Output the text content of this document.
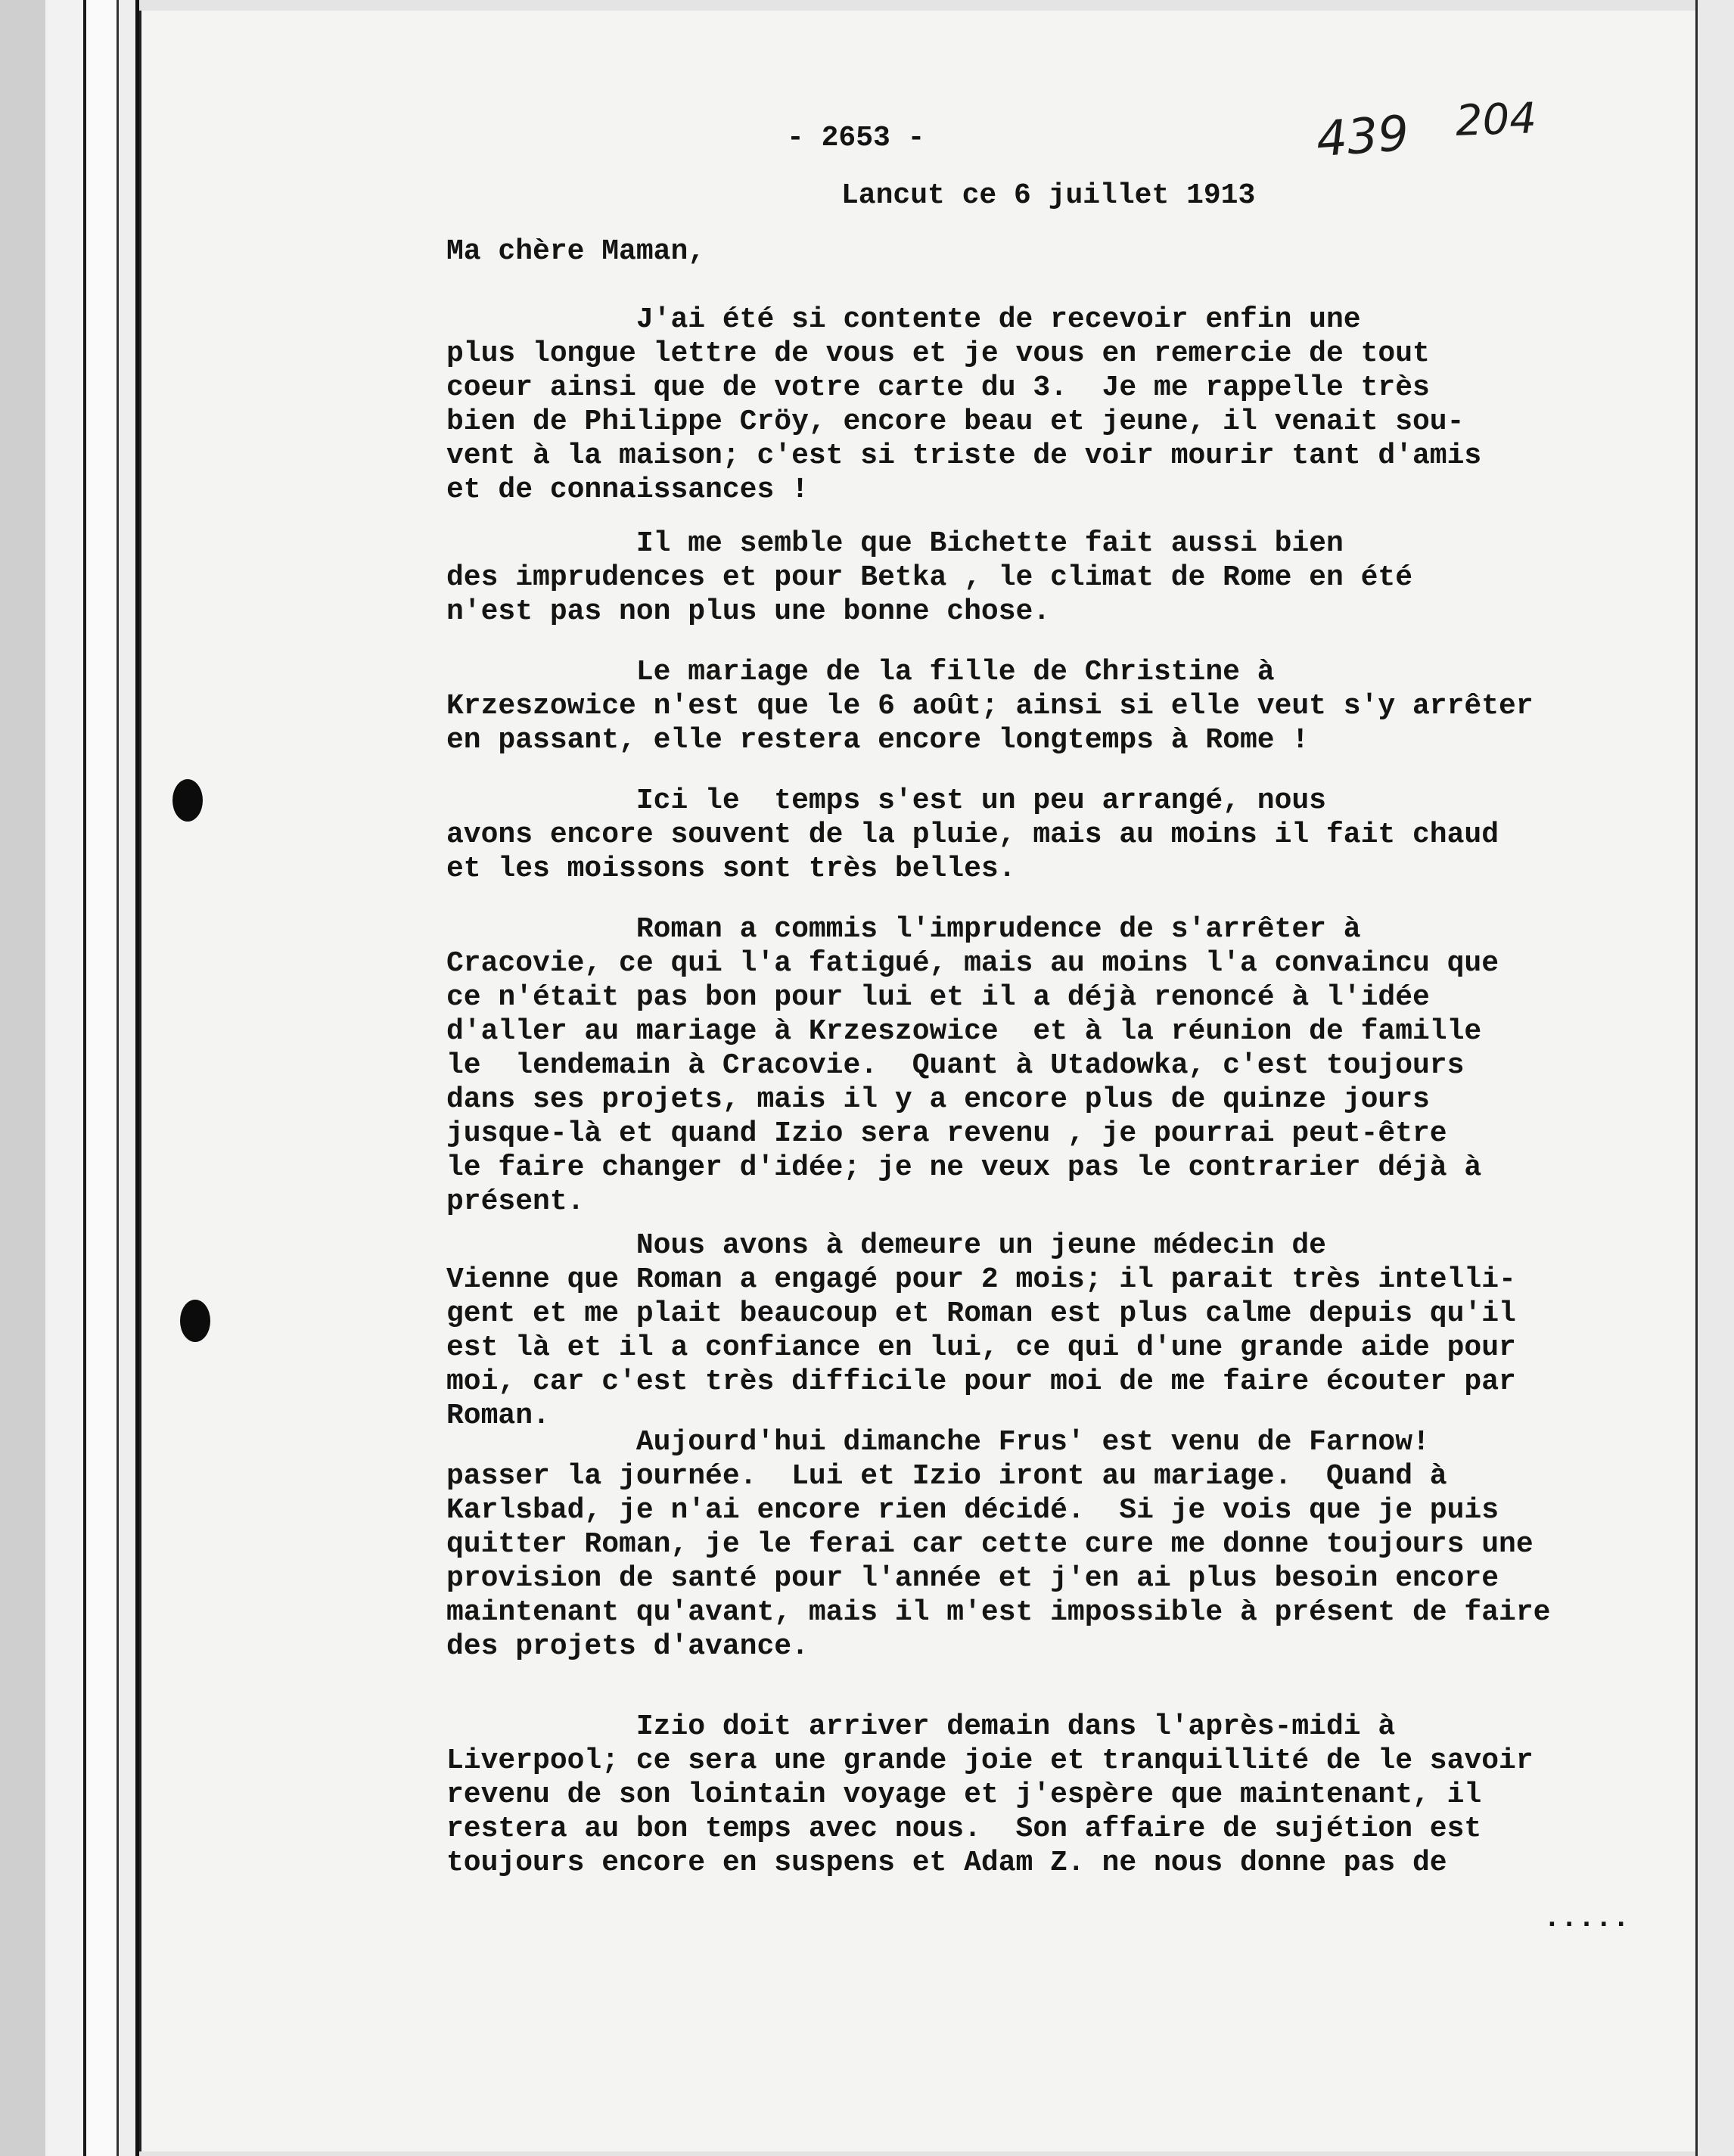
- 2653 -	439 204
Lancut ce 6 juillet 1913
Ma chère Maman,
J'ai été si contente de recevoir enfin une
plus longue lettre de vous et je vous en remercie de tout
coeur ainsi que de votre carte du 3.  Je me rappelle très
bien de Philippe Cröy, encore beau et jeune, il venait sou-
vent à la maison; c'est si triste de voir mourir tant d'amis
et de connaissances !
Il me semble que Bichette fait aussi bien
des imprudences et pour Betka , le climat de Rome en été
n'est pas non plus une bonne chose.
Le mariage de la fille de Christine à
Krzeszowice n'est que le 6 août; ainsi si elle veut s'y arrêter
en passant, elle restera encore longtemps à Rome !
Ici le  temps s'est un peu arrangé, nous
avons encore souvent de la pluie, mais au moins il fait chaud
et les moissons sont très belles.
Roman a commis l'imprudence de s'arrêter à
Cracovie, ce qui l'a fatigué, mais au moins l'a convaincu que
ce n'était pas bon pour lui et il a déjà renoncé à l'idée
d'aller au mariage à Krzeszowice  et à la réunion de famille
le  lendemain à Cracovie.  Quant à Utadowka, c'est toujours
dans ses projets, mais il y a encore plus de quinze jours
jusque-là et quand Izio sera revenu , je pourrai peut-être
le faire changer d'idée; je ne veux pas le contrarier déjà à
présent.
Nous avons à demeure un jeune médecin de
Vienne que Roman a engagé pour 2 mois; il parait très intelli-
gent et me plait beaucoup et Roman est plus calme depuis qu'il
est là et il a confiance en lui, ce qui d'une grande aide pour
moi, car c'est très difficile pour moi de me faire écouter par
Roman.
Aujourd'hui dimanche Frus' est venu de Farnow!
passer la journée.  Lui et Izio iront au mariage.  Quand à
Karlsbad, je n'ai encore rien décidé.  Si je vois que je puis
quitter Roman, je le ferai car cette cure me donne toujours une
provision de santé pour l'année et j'en ai plus besoin encore
maintenant qu'avant, mais il m'est impossible à présent de faire
des projets d'avance.
Izio doit arriver demain dans l'après-midi à
Liverpool; ce sera une grande joie et tranquillité de le savoir
revenu de son lointain voyage et j'espère que maintenant, il
restera au bon temps avec nous.  Son affaire de sujétion est
toujours encore en suspens et Adam Z. ne nous donne pas de
.....
